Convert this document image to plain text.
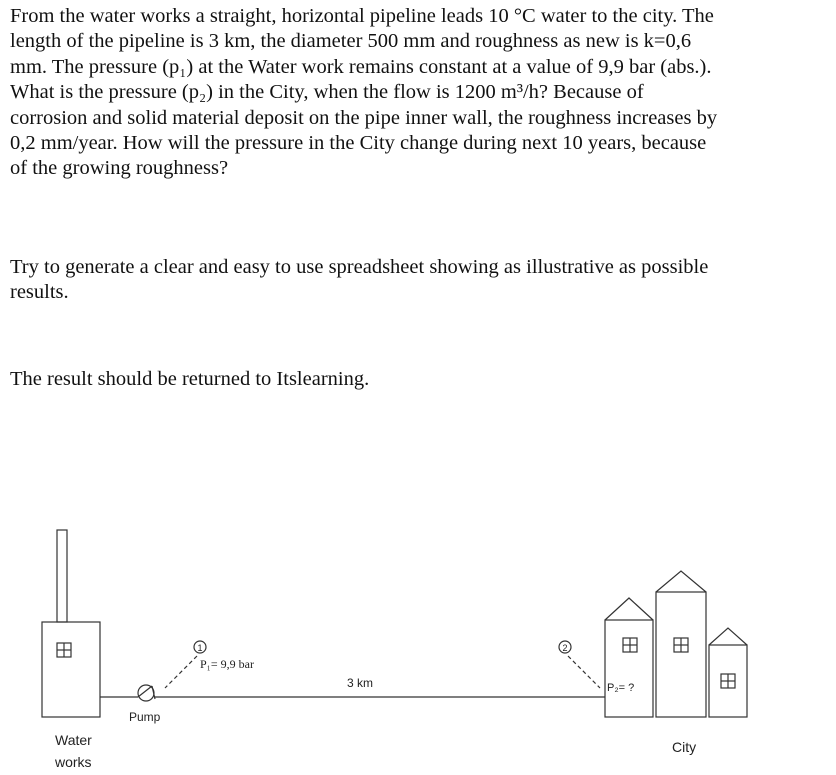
From the water works a straight, horizontal pipeline leads 10 °C water to the city. The
length of the pipeline is 3 km, the diameter 500 mm and roughness as new is k=0,6
mm. The pressure (p₁) at the Water work remains constant at a value of 9,9 bar (abs.).
What is the pressure (p₂) in the City, when the flow is 1200 m³/h? Because of
corrosion and solid material deposit on the pipe inner wall, the roughness increases by
0,2 mm/year. How will the pressure in the City change during next 10 years, because
of the growing roughness?
Try to generate a clear and easy to use spreadsheet showing as illustrative as possible
results.
The result should be returned to Itslearning.
1	2
P₁= 9,9 bar
3 km	P₂= ?
Pump
Water
works
City
